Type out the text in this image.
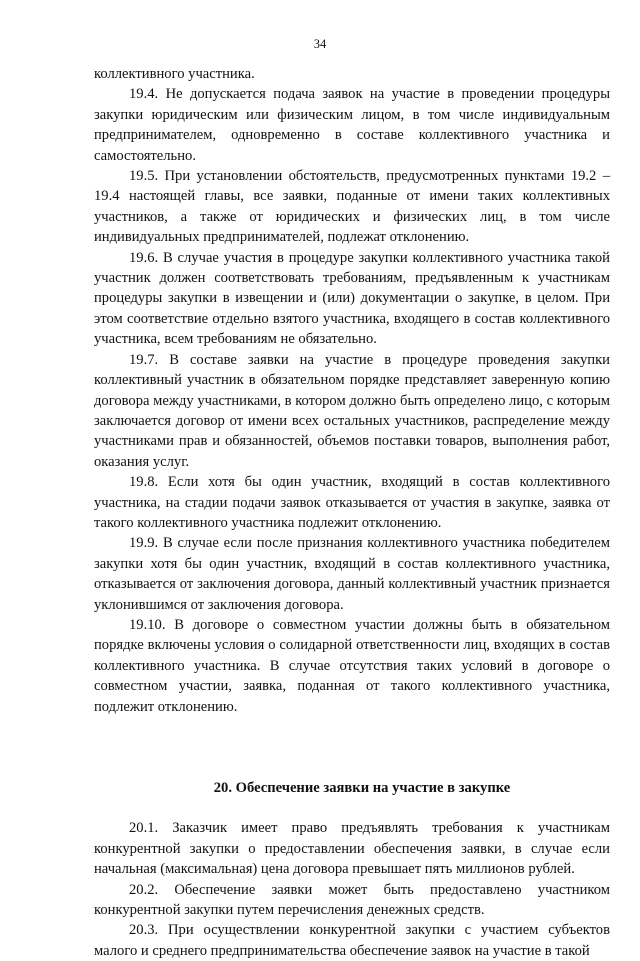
34

коллективного участника.

19.4. Не допускается подача заявок на участие в проведении процедуры закупки юридическим или физическим лицом, в том числе индивидуальным предпринимателем, одновременно в составе коллективного участника и самостоятельно.

19.5. При установлении обстоятельств, предусмотренных пунктами 19.2 – 19.4 настоящей главы, все заявки, поданные от имени таких коллективных участников, а также от юридических и физических лиц, в том числе индивидуальных предпринимателей, подлежат отклонению.

19.6. В случае участия в процедуре закупки коллективного участника такой участник должен соответствовать требованиям, предъявленным к участникам процедуры закупки в извещении и (или) документации о закупке, в целом. При этом соответствие отдельно взятого участника, входящего в состав коллективного участника, всем требованиям не обязательно.

19.7. В составе заявки на участие в процедуре проведения закупки коллективный участник в обязательном порядке представляет заверенную копию договора между участниками, в котором должно быть определено лицо, с которым заключается договор от имени всех остальных участников, распределение между участниками прав и обязанностей, объемов поставки товаров, выполнения работ, оказания услуг.

19.8. Если хотя бы один участник, входящий в состав коллективного участника, на стадии подачи заявок отказывается от участия в закупке, заявка от такого коллективного участника подлежит отклонению.

19.9. В случае если после признания коллективного участника победителем закупки хотя бы один участник, входящий в состав коллективного участника, отказывается от заключения договора, данный коллективный участник признается уклонившимся от заключения договора.

19.10. В договоре о совместном участии должны быть в обязательном порядке включены условия о солидарной ответственности лиц, входящих в состав коллективного участника. В случае отсутствия таких условий в договоре о совместном участии, заявка, поданная от такого коллективного участника, подлежит отклонению.

20. Обеспечение заявки на участие в закупке

20.1. Заказчик имеет право предъявлять требования к участникам конкурентной закупки о предоставлении обеспечения заявки, в случае если начальная (максимальная) цена договора превышает пять миллионов рублей.

20.2. Обеспечение заявки может быть предоставлено участником конкурентной закупки путем перечисления денежных средств.

20.3. При осуществлении конкурентной закупки с участием субъектов малого и среднего предпринимательства обеспечение заявок на участие в такой
